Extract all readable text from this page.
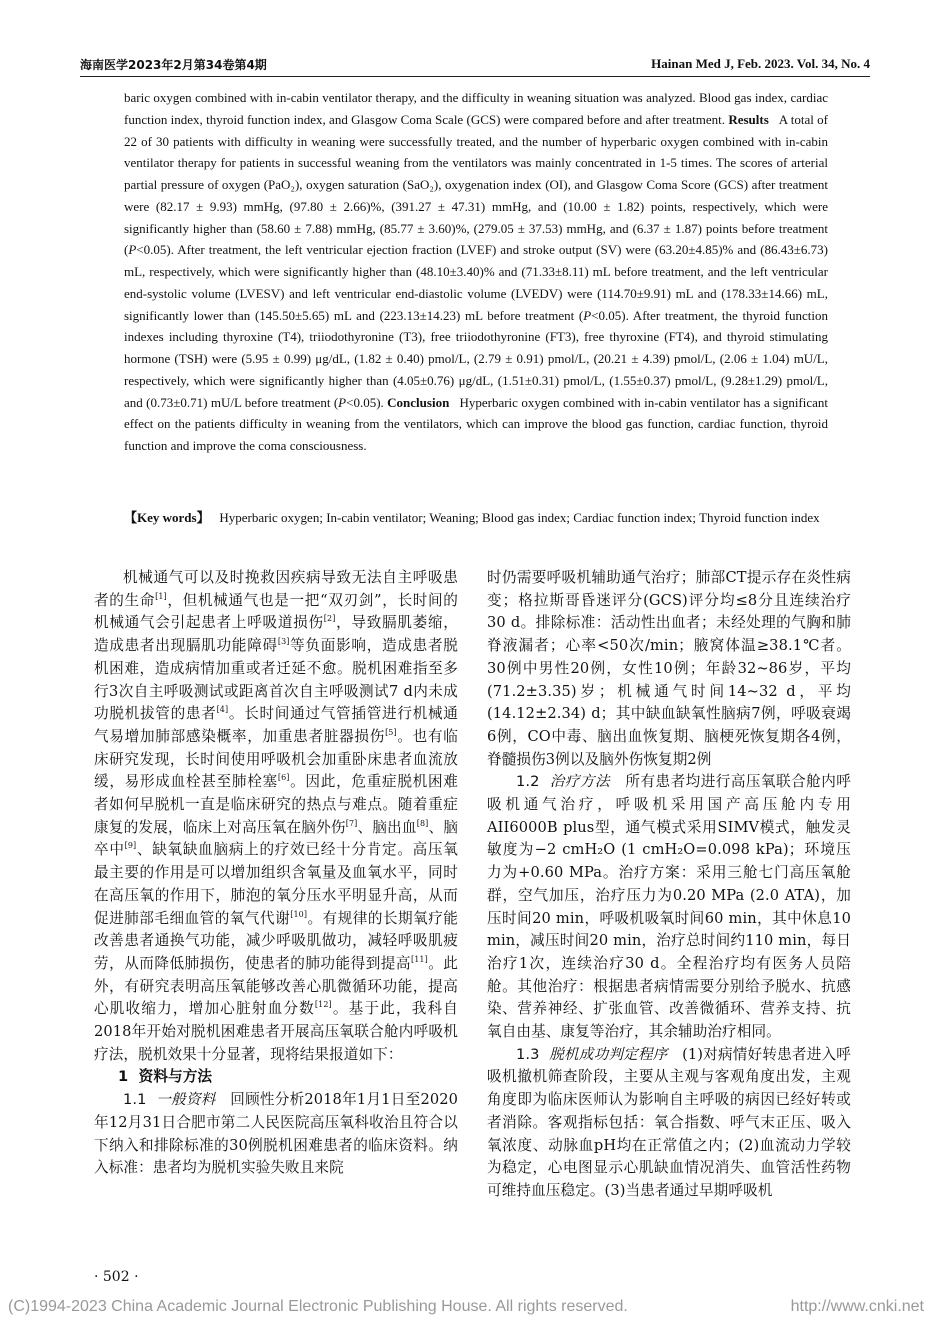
海南医学2023年2月第34卷第4期	Hainan Med J, Feb. 2023. Vol. 34, No. 4
baric oxygen combined with in-cabin ventilator therapy, and the difficulty in weaning situation was analyzed. Blood gas index, cardiac function index, thyroid function index, and Glasgow Coma Scale (GCS) were compared before and after treatment. Results A total of 22 of 30 patients with difficulty in weaning were successfully treated, and the number of hyperbaric oxygen combined with in-cabin ventilator therapy for patients in successful weaning from the ventilators was mainly concentrated in 1-5 times. The scores of arterial partial pressure of oxygen (PaO₂), oxygen saturation (SaO₂), oxygenation index (OI), and Glasgow Coma Score (GCS) after treatment were (82.17 ± 9.93) mmHg, (97.80 ± 2.66)%, (391.27 ± 47.31) mmHg, and (10.00 ± 1.82) points, respectively, which were significantly higher than (58.60 ± 7.88) mmHg, (85.77 ± 3.60)%, (279.05 ± 37.53) mmHg, and (6.37 ± 1.87) points before treatment (P<0.05). After treatment, the left ventricular ejection fraction (LVEF) and stroke output (SV) were (63.20±4.85)% and (86.43±6.73) mL, respectively, which were significantly higher than (48.10±3.40)% and (71.33±8.11) mL before treatment, and the left ventricular end-systolic volume (LVESV) and left ventricular end-diastolic volume (LVEDV) were (114.70±9.91) mL and (178.33±14.66) mL, significantly lower than (145.50±5.65) mL and (223.13±14.23) mL before treatment (P<0.05). After treatment, the thyroid function indexes including thyroxine (T4), triiodothyronine (T3), free triiodothyronine (FT3), free thyroxine (FT4), and thyroid stimulating hormone (TSH) were (5.95 ± 0.99) μg/dL, (1.82 ± 0.40) pmol/L, (2.79 ± 0.91) pmol/L, (20.21 ± 4.39) pmol/L, (2.06 ± 1.04) mU/L, respectively, which were significantly higher than (4.05±0.76) μg/dL, (1.51±0.31) pmol/L, (1.55±0.37) pmol/L, (9.28±1.29) pmol/L, and (0.73±0.71) mU/L before treatment (P<0.05). Conclusion Hyperbaric oxygen combined with in-cabin ventilator has a significant effect on the patients difficulty in weaning from the ventilators, which can improve the blood gas function, cardiac function, thyroid function and improve the coma consciousness.
【Key words】 Hyperbaric oxygen; In-cabin ventilator; Weaning; Blood gas index; Cardiac function index; Thyroid function index

机械通气可以及时挽救因疾病导致无法自主呼吸患者的生命[1]，但机械通气也是一把“双刃剑”，长时间的机械通气会引起患者上呼吸道损伤[2]，导致膈肌萎缩，造成患者出现膈肌功能障碍[3]等负面影响，造成患者脱机困难，造成病情加重或者迁延不愈。脱机困难指至多行3次自主呼吸测试或距离首次自主呼吸测试7 d内未成功脱机拔管的患者[4]。长时间通过气管插管进行机械通气易增加肺部感染概率，加重患者脏器损伤[5]。也有临床研究发现，长时间使用呼吸机会加重卧床患者血流放缓，易形成血栓甚至肺栓塞[6]。因此，危重症脱机困难者如何早脱机一直是临床研究的热点与难点。随着重症康复的发展，临床上对高压氧在脑外伤[7]、脑出血[8]、脑卒中[9]、缺氧缺血脑病上的疗效已经十分肯定。高压氧最主要的作用是可以增加组织含氧量及血氧水平，同时在高压氧的作用下，肺泡的氧分压水平明显升高，从而促进肺部毛细血管的氧气代谢[10]。有规律的长期氧疗能改善患者通换气功能，减少呼吸肌做功，减轻呼吸肌疲劳，从而降低肺损伤，使患者的肺功能得到提高[11]。此外，有研究表明高压氧能够改善心肌微循环功能，提高心肌收缩力，增加心脏射血分数[12]。基于此，我科自2018年开始对脱机困难患者开展高压氧联合舱内呼吸机疗法，脱机效果十分显著，现将结果报道如下：

1 资料与方法

1.1 一般资料 回顾性分析2018年1月1日至2020年12月31日合肥市第二人民医院高压氧科收治且符合以下纳入和排除标准的30例脱机困难患者的临床资料。纳入标准：患者均为脱机实验失败且来院

时仍需要呼吸机辅助通气治疗；肺部CT提示存在炎性病变；格拉斯哥昏迷评分(GCS)评分均≤8分且连续治疗30 d。排除标准：活动性出血者；未经处理的气胸和肺脊液漏者；心率<50次/min；腋窝体温≥38.1℃者。30例中男性20例，女性10例；年龄32~86岁，平均(71.2±3.35)岁；机械通气时间14~32 d，平均(14.12±2.34) d；其中缺血缺氧性脑病7例，呼吸衰竭6例，CO中毒、脑出血恢复期、脑梗死恢复期各4例，脊髓损伤3例以及脑外伤恢复期2例

1.2 治疗方法 所有患者均进行高压氧联合舱内呼吸机通气治疗，呼吸机采用国产高压舱内专用AII6000B plus型，通气模式采用SIMV模式，触发灵敏度为−2 cmH₂O (1 cmH₂O=0.098 kPa)；环境压力为+0.60 MPa。治疗方案：采用三舱七门高压氧舱群，空气加压，治疗压力为0.20 MPa (2.0 ATA)，加压时间20 min，呼吸机吸氧时间60 min，其中休息10 min，减压时间20 min，治疗总时间约110 min，每日治疗1次，连续治疗30 d。全程治疗均有医务人员陪舱。其他治疗：根据患者病情需要分别给予脱水、抗感染、营养神经、扩张血管、改善微循环、营养支持、抗氧自由基、康复等治疗，其余辅助治疗相同。

1.3 脱机成功判定程序 (1)对病情好转患者进入呼吸机撤机筛查阶段，主要从主观与客观角度出发，主观角度即为临床医师认为影响自主呼吸的病因已经好转或者消除。客观指标包括：氧合指数、呼气末正压、吸入氧浓度、动脉血pH均在正常值之内；(2)血流动力学较为稳定，心电图显示心肌缺血情况消失、血管活性药物可维持血压稳定。(3)当患者通过早期呼吸机

· 502 ·
(C)1994-2023 China Academic Journal Electronic Publishing House. All rights reserved.	http://www.cnki.net
